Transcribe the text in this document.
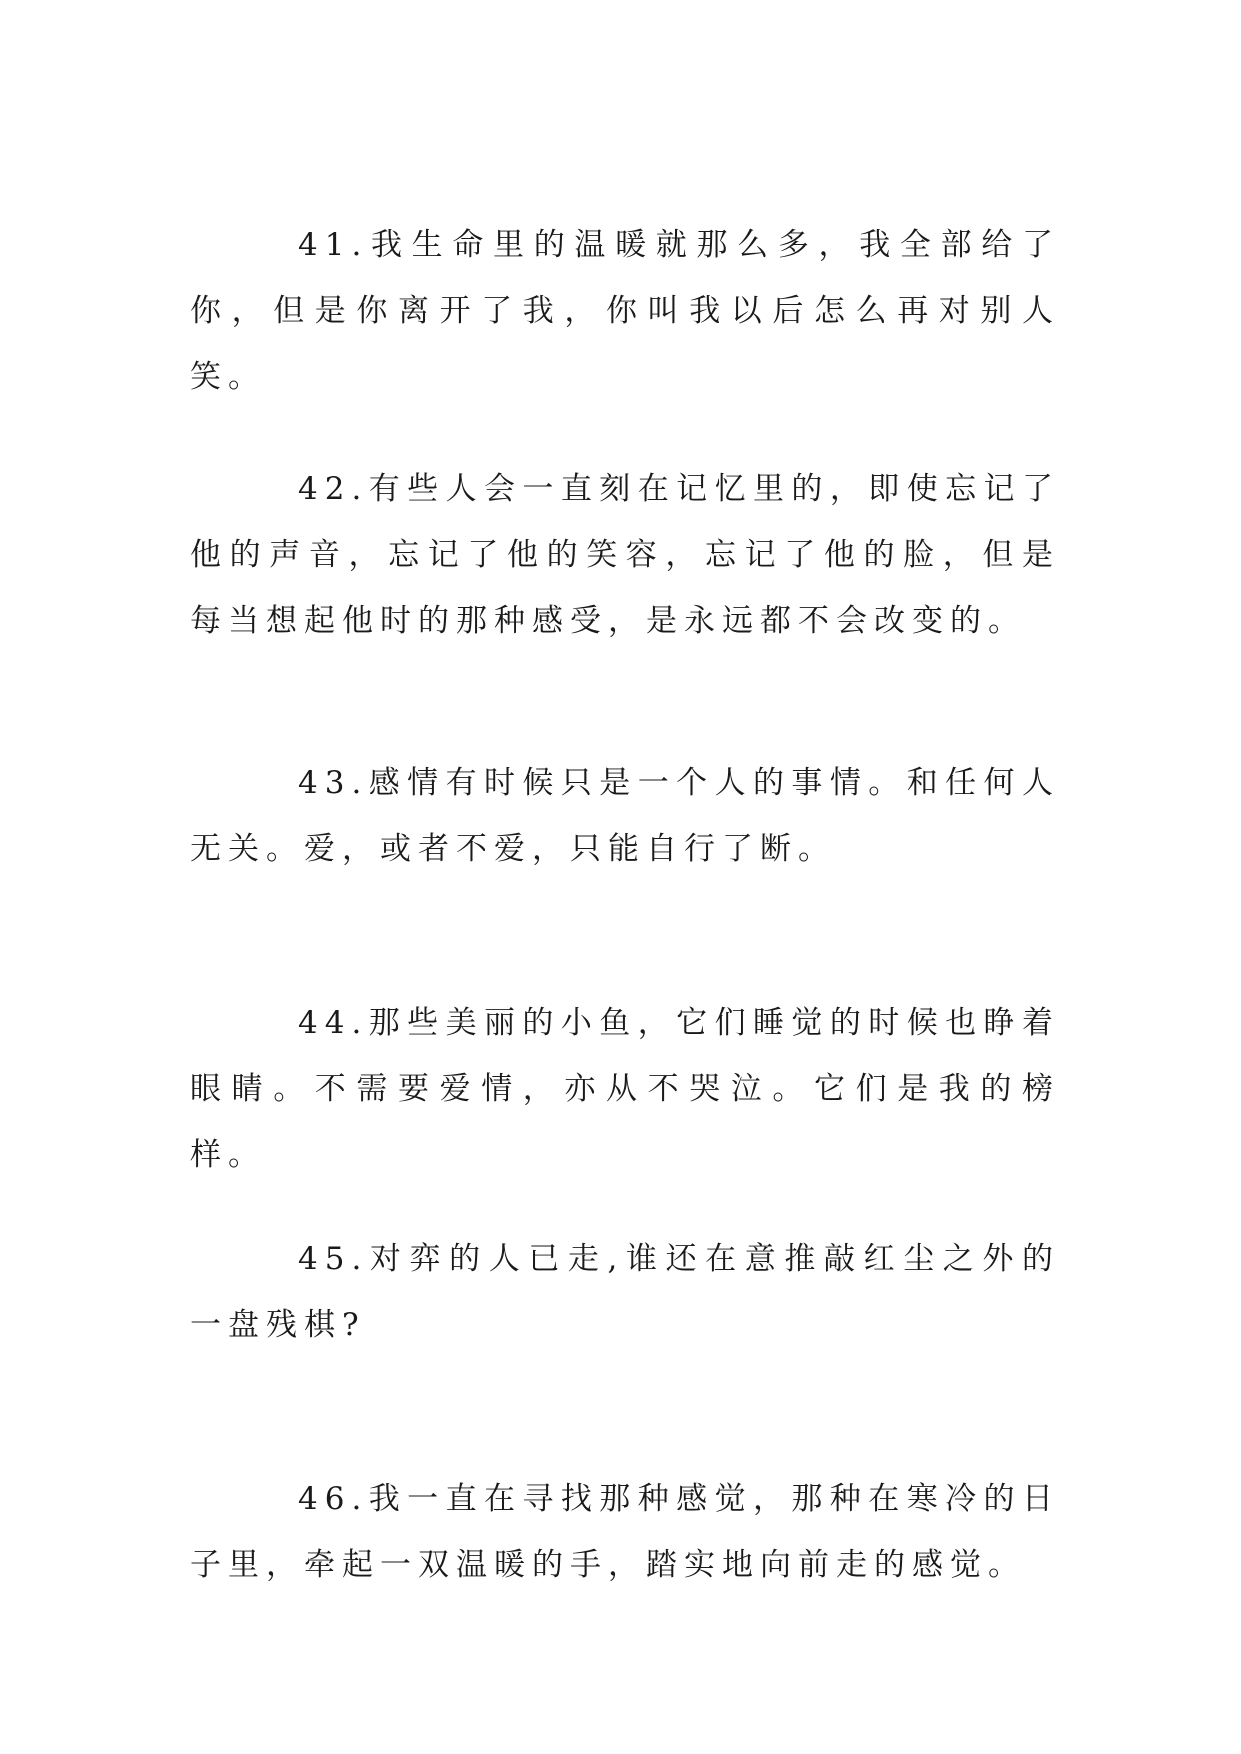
41.我生命里的温暖就那么多，我全部给了你，但是你离开了我，你叫我以后怎么再对别人笑。

42.有些人会一直刻在记忆里的，即使忘记了他的声音，忘记了他的笑容，忘记了他的脸，但是每当想起他时的那种感受，是永远都不会改变的。

43.感情有时候只是一个人的事情。和任何人无关。爱，或者不爱，只能自行了断。

44.那些美丽的小鱼，它们睡觉的时候也睁着眼睛。不需要爱情，亦从不哭泣。它们是我的榜样。

45.对弈的人已走,谁还在意推敲红尘之外的一盘残棋?

46.我一直在寻找那种感觉，那种在寒冷的日子里，牵起一双温暖的手，踏实地向前走的感觉。
